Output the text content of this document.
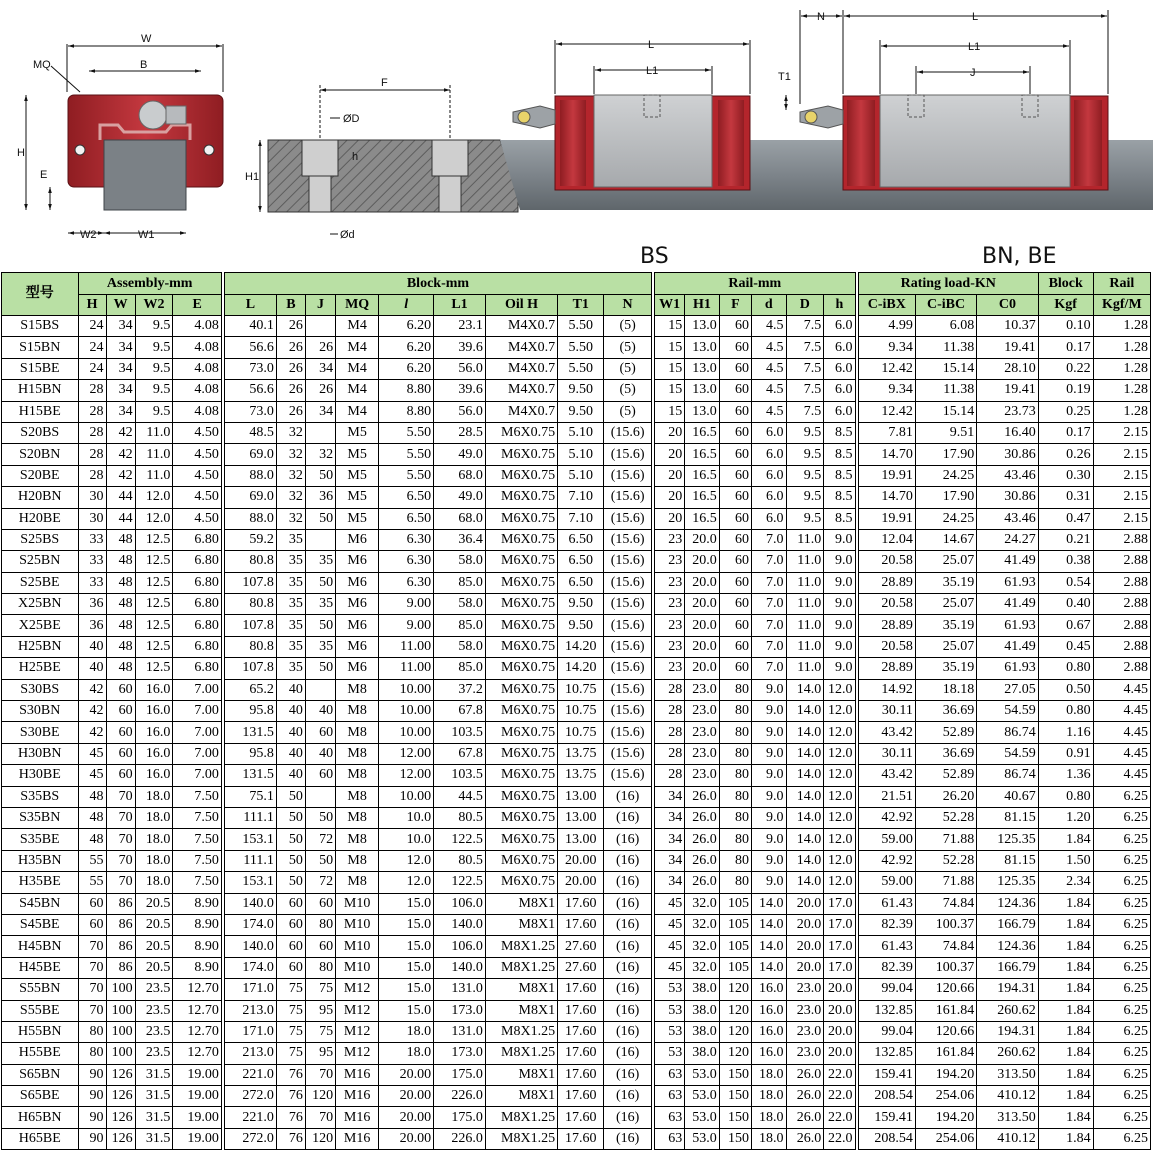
W
B
MQ
H
E
W2	W1
F
ØD
h
H1
Ød
L
L1
BS
N	L
L1
J
T1
BN, BE
型号	Assembly-mm					Block-mm										Rail-mm							Rating load-KN			Block	Rail
	H	W	W2	E		L	B	J	MQ	l	L1	Oil H	T1	N		W1	H1	F	d	D	h		C-iBX	C-iBC	C0	Kgf	Kgf/M
S15BS	24	34	9.5	4.08		40.1	26		M4	6.20	23.1	M4X0.7	5.50	(5)		15	13.0	60	4.5	7.5	6.0		4.99	6.08	10.37	0.10	1.28
S15BN	24	34	9.5	4.08		56.6	26	26	M4	6.20	39.6	M4X0.7	5.50	(5)		15	13.0	60	4.5	7.5	6.0		9.34	11.38	19.41	0.17	1.28
S15BE	24	34	9.5	4.08		73.0	26	34	M4	6.20	56.0	M4X0.7	5.50	(5)		15	13.0	60	4.5	7.5	6.0		12.42	15.14	28.10	0.22	1.28
H15BN	28	34	9.5	4.08		56.6	26	26	M4	8.80	39.6	M4X0.7	9.50	(5)		15	13.0	60	4.5	7.5	6.0		9.34	11.38	19.41	0.19	1.28
H15BE	28	34	9.5	4.08		73.0	26	34	M4	8.80	56.0	M4X0.7	9.50	(5)		15	13.0	60	4.5	7.5	6.0		12.42	15.14	23.73	0.25	1.28
S20BS	28	42	11.0	4.50		48.5	32		M5	5.50	28.5	M6X0.75	5.10	(15.6)		20	16.5	60	6.0	9.5	8.5		7.81	9.51	16.40	0.17	2.15
S20BN	28	42	11.0	4.50		69.0	32	32	M5	5.50	49.0	M6X0.75	5.10	(15.6)		20	16.5	60	6.0	9.5	8.5		14.70	17.90	30.86	0.26	2.15
S20BE	28	42	11.0	4.50		88.0	32	50	M5	5.50	68.0	M6X0.75	5.10	(15.6)		20	16.5	60	6.0	9.5	8.5		19.91	24.25	43.46	0.30	2.15
H20BN	30	44	12.0	4.50		69.0	32	36	M5	6.50	49.0	M6X0.75	7.10	(15.6)		20	16.5	60	6.0	9.5	8.5		14.70	17.90	30.86	0.31	2.15
H20BE	30	44	12.0	4.50		88.0	32	50	M5	6.50	68.0	M6X0.75	7.10	(15.6)		20	16.5	60	6.0	9.5	8.5		19.91	24.25	43.46	0.47	2.15
S25BS	33	48	12.5	6.80		59.2	35		M6	6.30	36.4	M6X0.75	6.50	(15.6)		23	20.0	60	7.0	11.0	9.0		12.04	14.67	24.27	0.21	2.88
S25BN	33	48	12.5	6.80		80.8	35	35	M6	6.30	58.0	M6X0.75	6.50	(15.6)		23	20.0	60	7.0	11.0	9.0		20.58	25.07	41.49	0.38	2.88
S25BE	33	48	12.5	6.80		107.8	35	50	M6	6.30	85.0	M6X0.75	6.50	(15.6)		23	20.0	60	7.0	11.0	9.0		28.89	35.19	61.93	0.54	2.88
X25BN	36	48	12.5	6.80		80.8	35	35	M6	9.00	58.0	M6X0.75	9.50	(15.6)		23	20.0	60	7.0	11.0	9.0		20.58	25.07	41.49	0.40	2.88
X25BE	36	48	12.5	6.80		107.8	35	50	M6	9.00	85.0	M6X0.75	9.50	(15.6)		23	20.0	60	7.0	11.0	9.0		28.89	35.19	61.93	0.67	2.88
H25BN	40	48	12.5	6.80		80.8	35	35	M6	11.00	58.0	M6X0.75	14.20	(15.6)		23	20.0	60	7.0	11.0	9.0		20.58	25.07	41.49	0.45	2.88
H25BE	40	48	12.5	6.80		107.8	35	50	M6	11.00	85.0	M6X0.75	14.20	(15.6)		23	20.0	60	7.0	11.0	9.0		28.89	35.19	61.93	0.80	2.88
S30BS	42	60	16.0	7.00		65.2	40		M8	10.00	37.2	M6X0.75	10.75	(15.6)		28	23.0	80	9.0	14.0	12.0		14.92	18.18	27.05	0.50	4.45
S30BN	42	60	16.0	7.00		95.8	40	40	M8	10.00	67.8	M6X0.75	10.75	(15.6)		28	23.0	80	9.0	14.0	12.0		30.11	36.69	54.59	0.80	4.45
S30BE	42	60	16.0	7.00		131.5	40	60	M8	10.00	103.5	M6X0.75	10.75	(15.6)		28	23.0	80	9.0	14.0	12.0		43.42	52.89	86.74	1.16	4.45
H30BN	45	60	16.0	7.00		95.8	40	40	M8	12.00	67.8	M6X0.75	13.75	(15.6)		28	23.0	80	9.0	14.0	12.0		30.11	36.69	54.59	0.91	4.45
H30BE	45	60	16.0	7.00		131.5	40	60	M8	12.00	103.5	M6X0.75	13.75	(15.6)		28	23.0	80	9.0	14.0	12.0		43.42	52.89	86.74	1.36	4.45
S35BS	48	70	18.0	7.50		75.1	50		M8	10.00	44.5	M6X0.75	13.00	(16)		34	26.0	80	9.0	14.0	12.0		21.51	26.20	40.67	0.80	6.25
S35BN	48	70	18.0	7.50		111.1	50	50	M8	10.0	80.5	M6X0.75	13.00	(16)		34	26.0	80	9.0	14.0	12.0		42.92	52.28	81.15	1.20	6.25
S35BE	48	70	18.0	7.50		153.1	50	72	M8	10.0	122.5	M6X0.75	13.00	(16)		34	26.0	80	9.0	14.0	12.0		59.00	71.88	125.35	1.84	6.25
H35BN	55	70	18.0	7.50		111.1	50	50	M8	12.0	80.5	M6X0.75	20.00	(16)		34	26.0	80	9.0	14.0	12.0		42.92	52.28	81.15	1.50	6.25
H35BE	55	70	18.0	7.50		153.1	50	72	M8	12.0	122.5	M6X0.75	20.00	(16)		34	26.0	80	9.0	14.0	12.0		59.00	71.88	125.35	2.34	6.25
S45BN	60	86	20.5	8.90		140.0	60	60	M10	15.0	106.0	M8X1	17.60	(16)		45	32.0	105	14.0	20.0	17.0		61.43	74.84	124.36	1.84	6.25
S45BE	60	86	20.5	8.90		174.0	60	80	M10	15.0	140.0	M8X1	17.60	(16)		45	32.0	105	14.0	20.0	17.0		82.39	100.37	166.79	1.84	6.25
H45BN	70	86	20.5	8.90		140.0	60	60	M10	15.0	106.0	M8X1.25	27.60	(16)		45	32.0	105	14.0	20.0	17.0		61.43	74.84	124.36	1.84	6.25
H45BE	70	86	20.5	8.90		174.0	60	80	M10	15.0	140.0	M8X1.25	27.60	(16)		45	32.0	105	14.0	20.0	17.0		82.39	100.37	166.79	1.84	6.25
S55BN	70	100	23.5	12.70		171.0	75	75	M12	15.0	131.0	M8X1	17.60	(16)		53	38.0	120	16.0	23.0	20.0		99.04	120.66	194.31	1.84	6.25
S55BE	70	100	23.5	12.70		213.0	75	95	M12	15.0	173.0	M8X1	17.60	(16)		53	38.0	120	16.0	23.0	20.0		132.85	161.84	260.62	1.84	6.25
H55BN	80	100	23.5	12.70		171.0	75	75	M12	18.0	131.0	M8X1.25	17.60	(16)		53	38.0	120	16.0	23.0	20.0		99.04	120.66	194.31	1.84	6.25
H55BE	80	100	23.5	12.70		213.0	75	95	M12	18.0	173.0	M8X1.25	17.60	(16)		53	38.0	120	16.0	23.0	20.0		132.85	161.84	260.62	1.84	6.25
S65BN	90	126	31.5	19.00		221.0	76	70	M16	20.00	175.0	M8X1	17.60	(16)		63	53.0	150	18.0	26.0	22.0		159.41	194.20	313.50	1.84	6.25
S65BE	90	126	31.5	19.00		272.0	76	120	M16	20.00	226.0	M8X1	17.60	(16)		63	53.0	150	18.0	26.0	22.0		208.54	254.06	410.12	1.84	6.25
H65BN	90	126	31.5	19.00		221.0	76	70	M16	20.00	175.0	M8X1.25	17.60	(16)		63	53.0	150	18.0	26.0	22.0		159.41	194.20	313.50	1.84	6.25
H65BE	90	126	31.5	19.00		272.0	76	120	M16	20.00	226.0	M8X1.25	17.60	(16)		63	53.0	150	18.0	26.0	22.0		208.54	254.06	410.12	1.84	6.25
